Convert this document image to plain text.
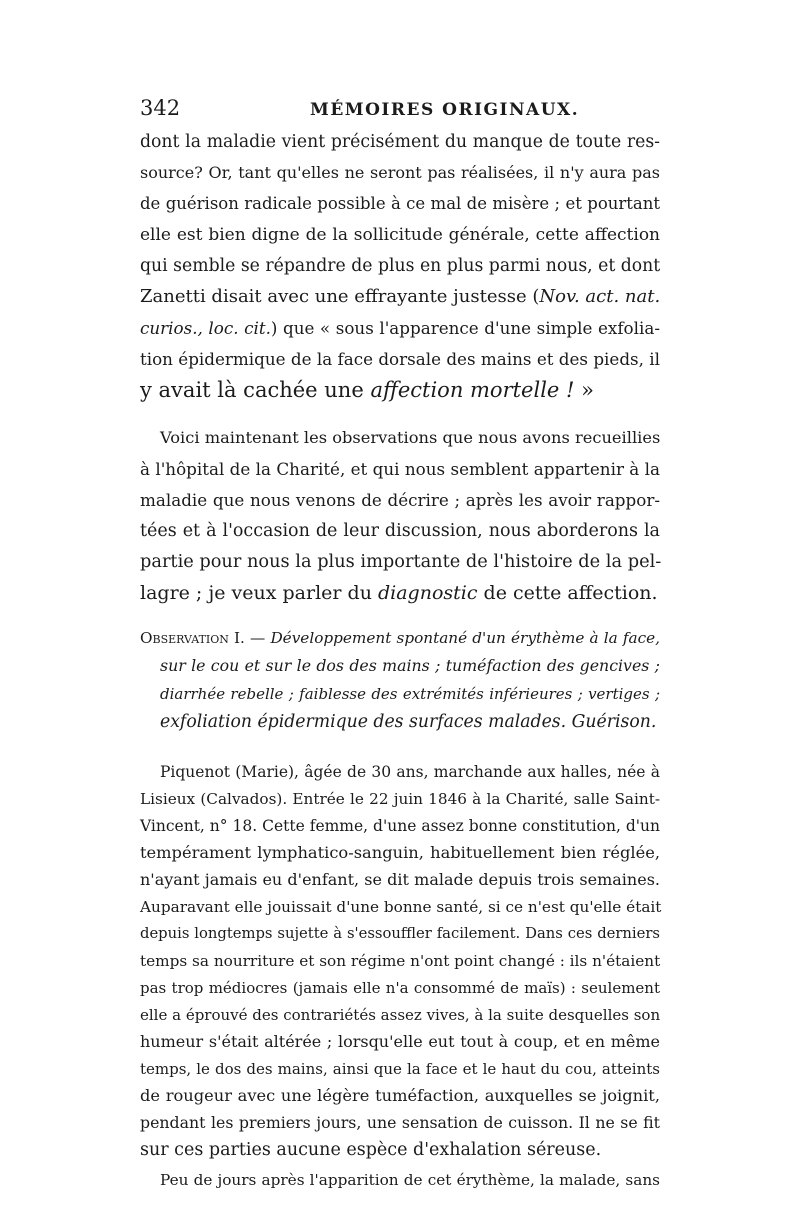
342	MÉMOIRES ORIGINAUX.
dont la maladie vient précisément du manque de toute res-
source? Or, tant qu'elles ne seront pas réalisées, il n'y aura pas
de guérison radicale possible à ce mal de misère ; et pourtant
elle est bien digne de la sollicitude générale, cette affection
qui semble se répandre de plus en plus parmi nous, et dont
Zanetti disait avec une effrayante justesse (Nov. act. nat.
curios., loc. cit.) que « sous l'apparence d'une simple exfolia-
tion épidermique de la face dorsale des mains et des pieds, il
y avait là cachée une affection mortelle ! »
Voici maintenant les observations que nous avons recueillies
à l'hôpital de la Charité, et qui nous semblent appartenir à la
maladie que nous venons de décrire ; après les avoir rappor-
tées et à l'occasion de leur discussion, nous aborderons la
partie pour nous la plus importante de l'histoire de la pel-
lagre ; je veux parler du diagnostic de cette affection.
Observation I. — Développement spontané d'un érythème à la face,
sur le cou et sur le dos des mains ; tuméfaction des gencives ;
diarrhée rebelle ; faiblesse des extrémités inférieures ; vertiges ;
exfoliation épidermique des surfaces malades. Guérison.
Piquenot (Marie), âgée de 30 ans, marchande aux halles, née à
Lisieux (Calvados). Entrée le 22 juin 1846 à la Charité, salle Saint-
Vincent, n° 18. Cette femme, d'une assez bonne constitution, d'un
tempérament lymphatico-sanguin, habituellement bien réglée,
n'ayant jamais eu d'enfant, se dit malade depuis trois semaines.
Auparavant elle jouissait d'une bonne santé, si ce n'est qu'elle était
depuis longtemps sujette à s'essouffler facilement. Dans ces derniers
temps sa nourriture et son régime n'ont point changé : ils n'étaient
pas trop médiocres (jamais elle n'a consommé de maïs) : seulement
elle a éprouvé des contrariétés assez vives, à la suite desquelles son
humeur s'était altérée ; lorsqu'elle eut tout à coup, et en même
temps, le dos des mains, ainsi que la face et le haut du cou, atteints
de rougeur avec une légère tuméfaction, auxquelles se joignit,
pendant les premiers jours, une sensation de cuisson. Il ne se fit
sur ces parties aucune espèce d'exhalation séreuse.
Peu de jours après l'apparition de cet érythème, la malade, sans
